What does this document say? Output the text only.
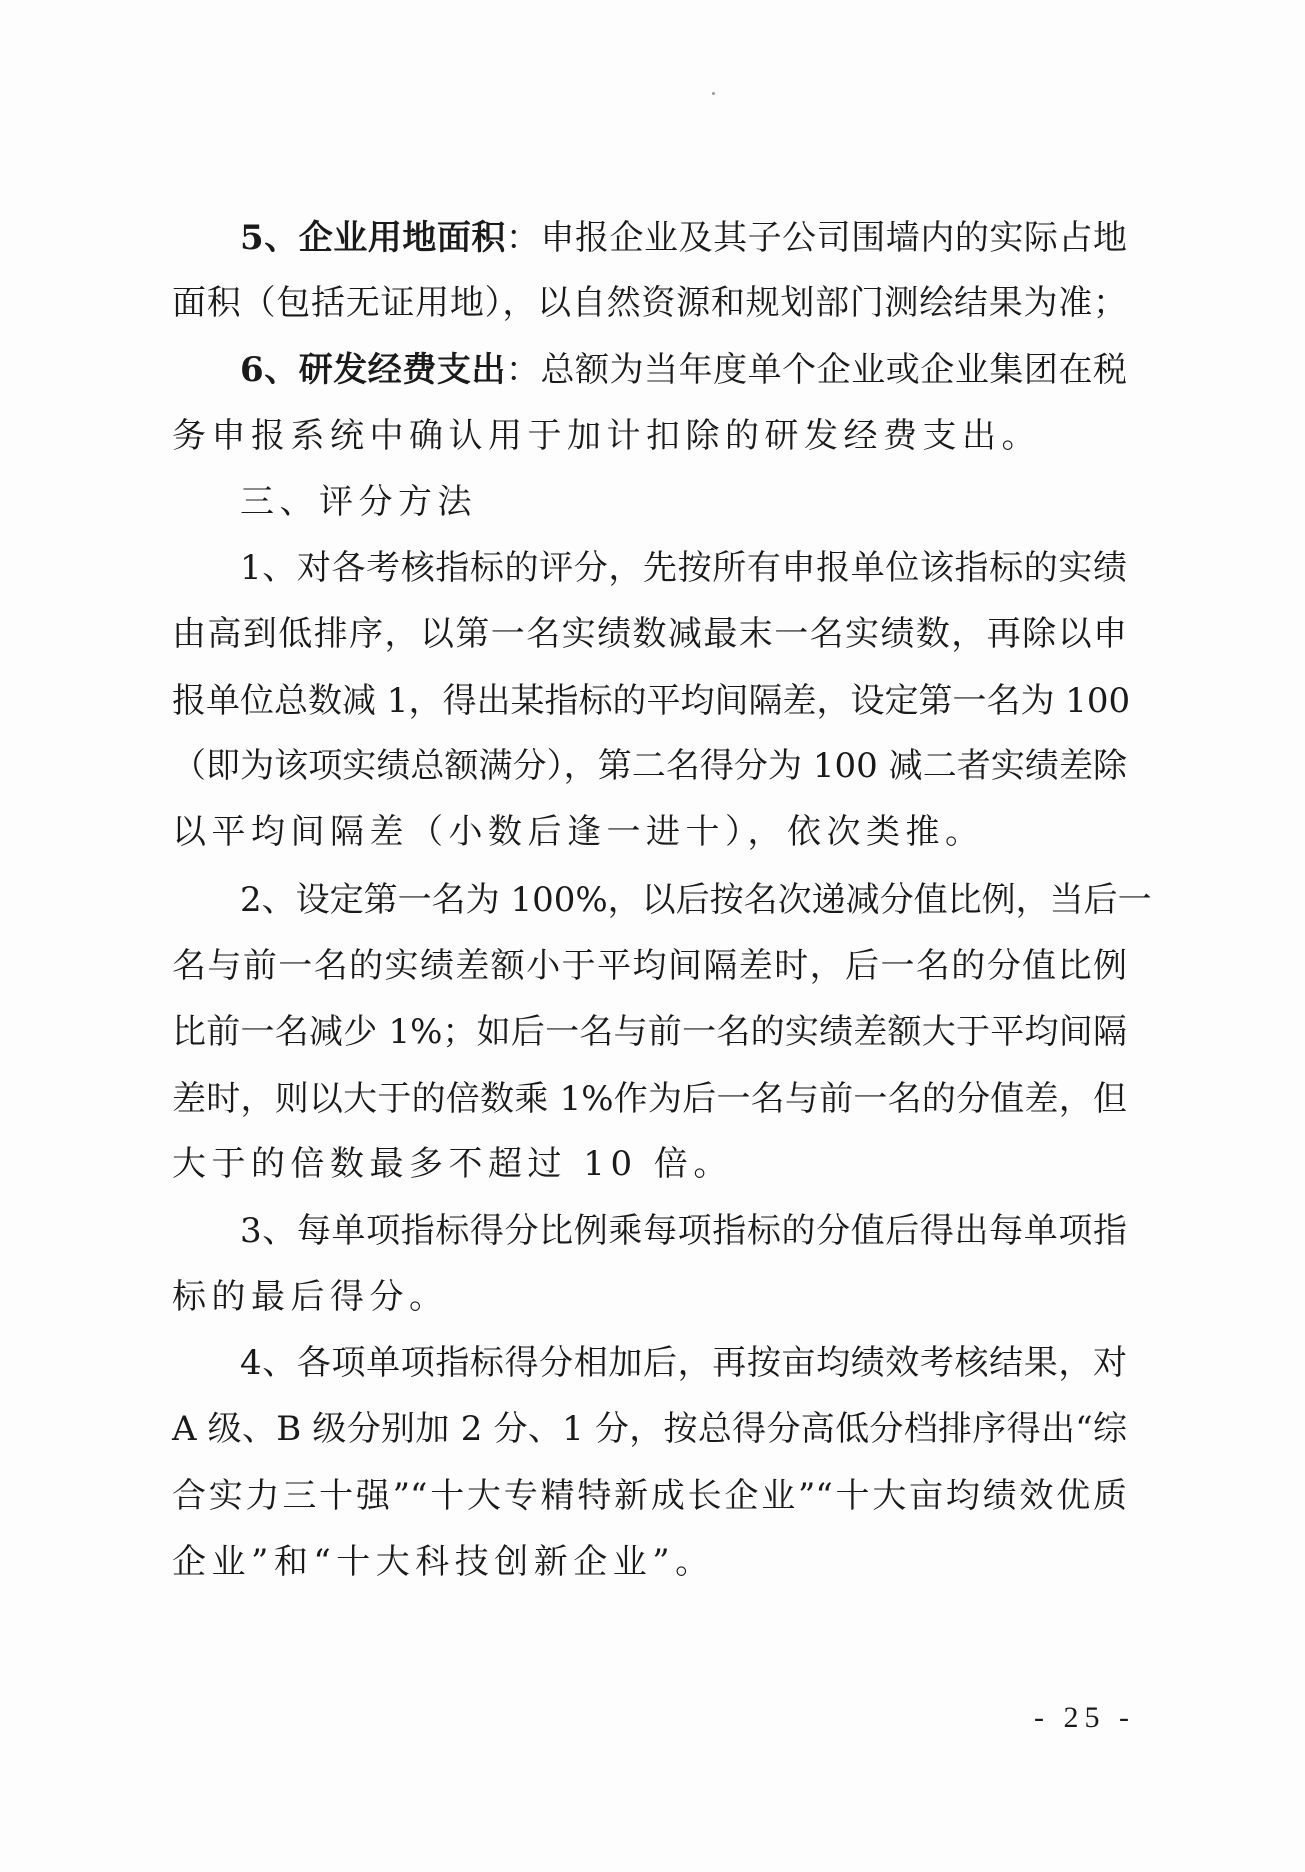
5、企业用地面积：申报企业及其子公司围墙内的实际占地
面积（包括无证用地），以自然资源和规划部门测绘结果为准；
6、研发经费支出：总额为当年度单个企业或企业集团在税
务申报系统中确认用于加计扣除的研发经费支出。
三、评分方法
1、对各考核指标的评分，先按所有申报单位该指标的实绩
由高到低排序，以第一名实绩数减最末一名实绩数，再除以申
报单位总数减 1，得出某指标的平均间隔差，设定第一名为 100
（即为该项实绩总额满分），第二名得分为 100 减二者实绩差除
以平均间隔差（小数后逢一进十），依次类推。
2、设定第一名为 100%，以后按名次递减分值比例，当后一
名与前一名的实绩差额小于平均间隔差时，后一名的分值比例
比前一名减少 1%；如后一名与前一名的实绩差额大于平均间隔
差时，则以大于的倍数乘 1%作为后一名与前一名的分值差，但
大于的倍数最多不超过 10 倍。
3、每单项指标得分比例乘每项指标的分值后得出每单项指
标的最后得分。
4、各项单项指标得分相加后，再按亩均绩效考核结果，对
A 级、B 级分别加 2 分、1 分，按总得分高低分档排序得出“综
合实力三十强”“十大专精特新成长企业”“十大亩均绩效优质
企业”和“十大科技创新企业”。
- 25 -
